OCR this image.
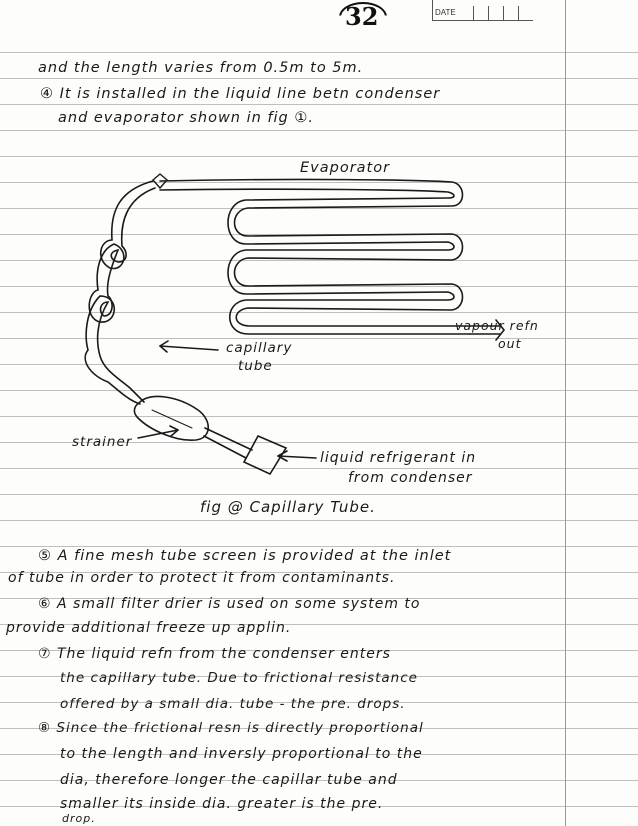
32	DATE
and the length varies from 0.5m to 5m.
④ It is installed in the liquid line betn condenser
and evaporator shown in fig ①.
Evaporator
vapour refn
out
capillary
tube
strainer
liquid refrigerant in
from condenser
fig @ Capillary Tube.
⑤ A fine mesh tube screen is provided at the inlet
of tube in order to protect it from contaminants.
⑥ A small filter drier is used on some system to
provide additional freeze up applin.
⑦ The liquid refn from the condenser enters
the capillary tube. Due to frictional resistance
offered by a small dia. tube - the pre. drops.
⑧ Since the frictional resn is directly proportional
to the length and inversly proportional to the
dia, therefore longer the capillar tube and
smaller its inside dia. greater is the pre.
drop.
